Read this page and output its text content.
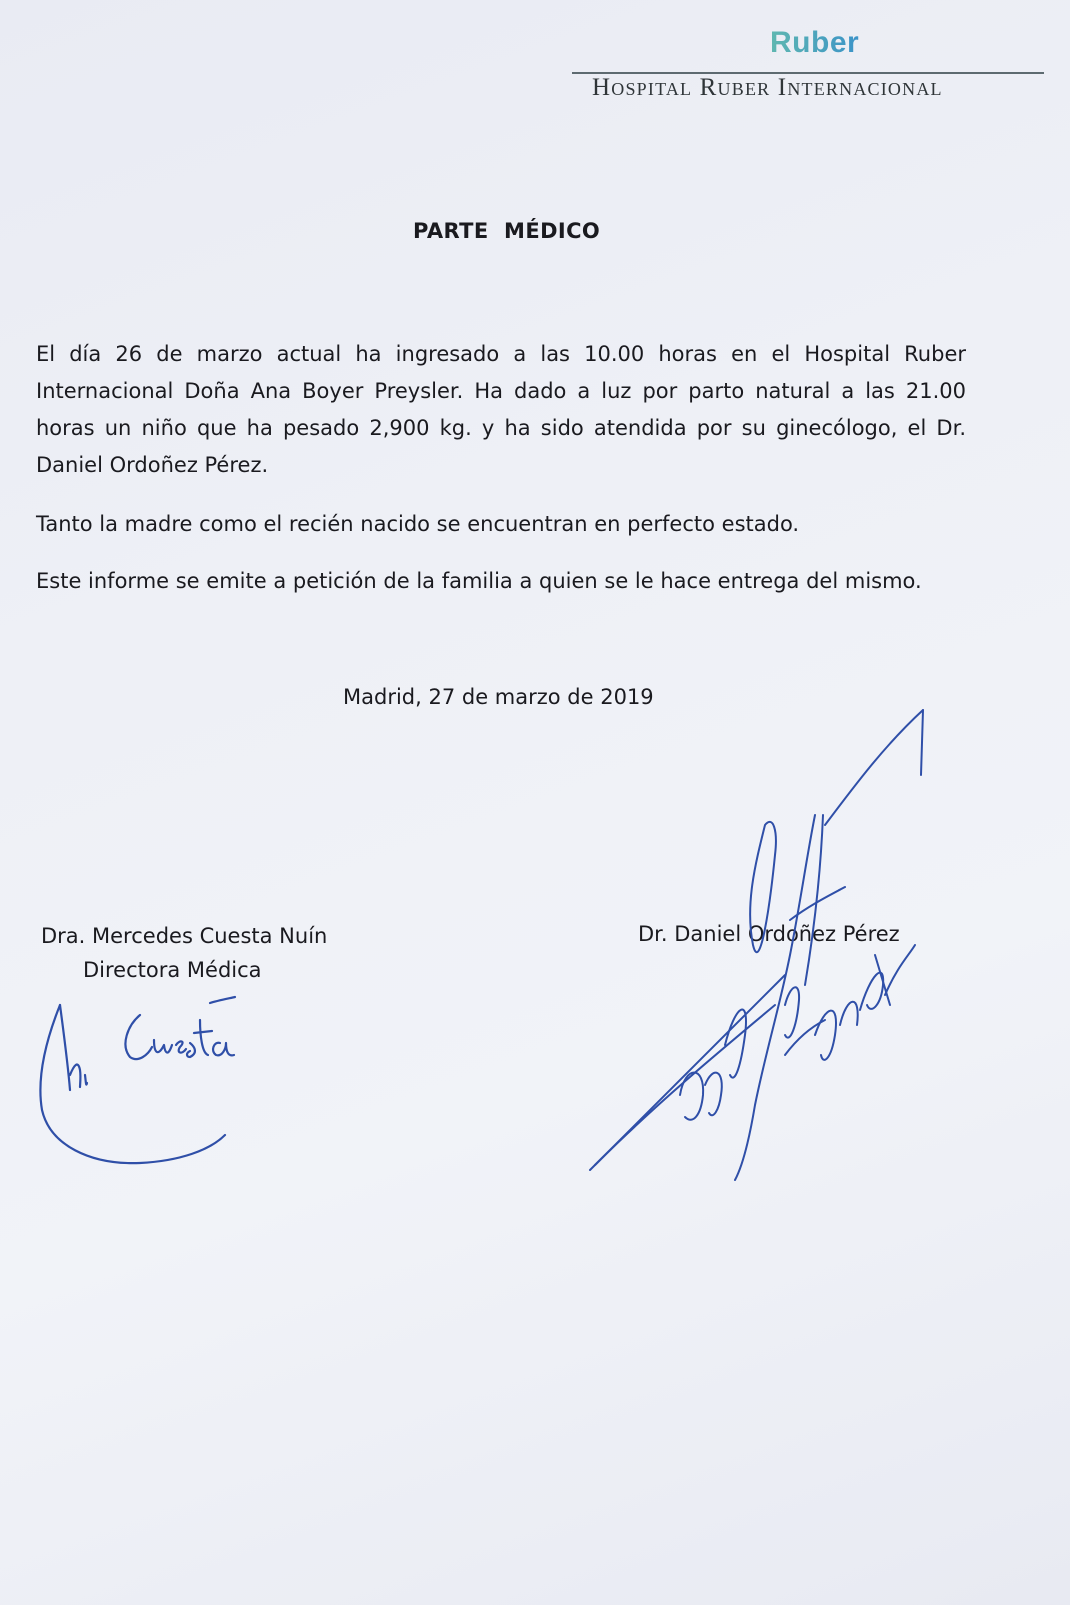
Ruber
Hospital Ruber Internacional
PARTE  MÉDICO

El día 26 de marzo actual ha ingresado a las 10.00 horas en el Hospital Ruber Internacional Doña Ana Boyer Preysler. Ha dado a luz por parto natural a las 21.00 horas un niño que ha pesado 2,900 kg. y ha sido atendida por su ginecólogo, el Dr. Daniel Ordoñez Pérez.

Tanto la madre como el recién nacido se encuentran en perfecto estado.

Este informe se emite a petición de la familia a quien se le hace entrega del mismo.

Madrid, 27 de marzo de 2019
Dra. Mercedes Cuesta Nuín
Directora Médica
Dr. Daniel Ordoñez Pérez
